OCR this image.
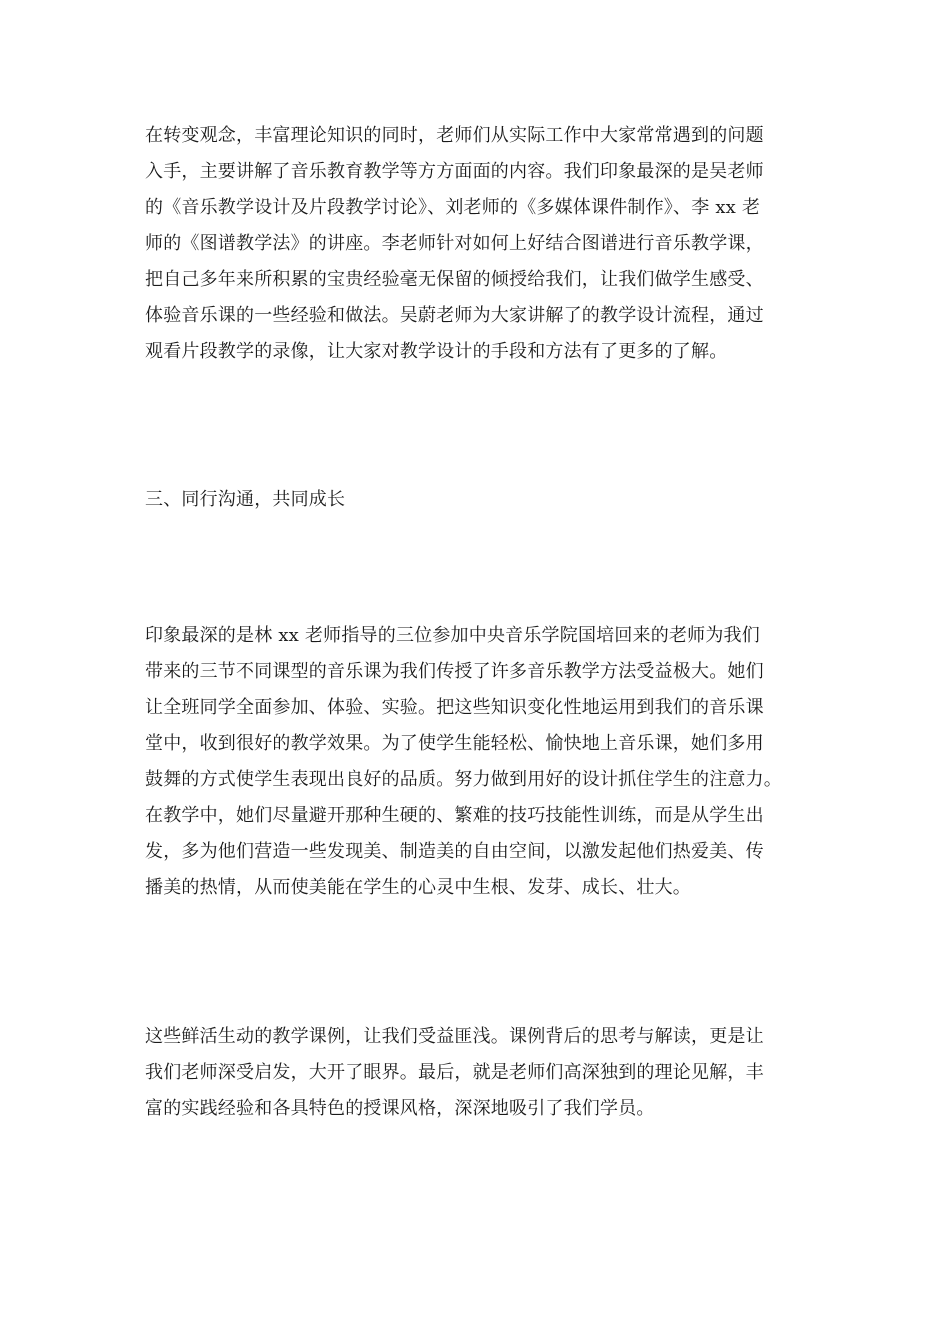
在转变观念，丰富理论知识的同时，老师们从实际工作中大家常常遇到的问题
入手，主要讲解了音乐教育教学等方方面面的内容。我们印象最深的是吴老师
的《音乐教学设计及片段教学讨论》、刘老师的《多媒体课件制作》、李 xx 老
师的《图谱教学法》的讲座。李老师针对如何上好结合图谱进行音乐教学课，
把自己多年来所积累的宝贵经验毫无保留的倾授给我们，让我们做学生感受、
体验音乐课的一些经验和做法。吴蔚老师为大家讲解了的教学设计流程，通过
观看片段教学的录像，让大家对教学设计的手段和方法有了更多的了解。
三、同行沟通，共同成长
印象最深的是林 xx 老师指导的三位参加中央音乐学院国培回来的老师为我们
带来的三节不同课型的音乐课为我们传授了许多音乐教学方法受益极大。她们
让全班同学全面参加、体验、实验。把这些知识变化性地运用到我们的音乐课
堂中，收到很好的教学效果。为了使学生能轻松、愉快地上音乐课，她们多用
鼓舞的方式使学生表现出良好的品质。努力做到用好的设计抓住学生的注意力。
在教学中，她们尽量避开那种生硬的、繁难的技巧技能性训练，而是从学生出
发，多为他们营造一些发现美、制造美的自由空间，以激发起他们热爱美、传
播美的热情，从而使美能在学生的心灵中生根、发芽、成长、壮大。
这些鲜活生动的教学课例，让我们受益匪浅。课例背后的思考与解读，更是让
我们老师深受启发，大开了眼界。最后，就是老师们高深独到的理论见解，丰
富的实践经验和各具特色的授课风格，深深地吸引了我们学员。
